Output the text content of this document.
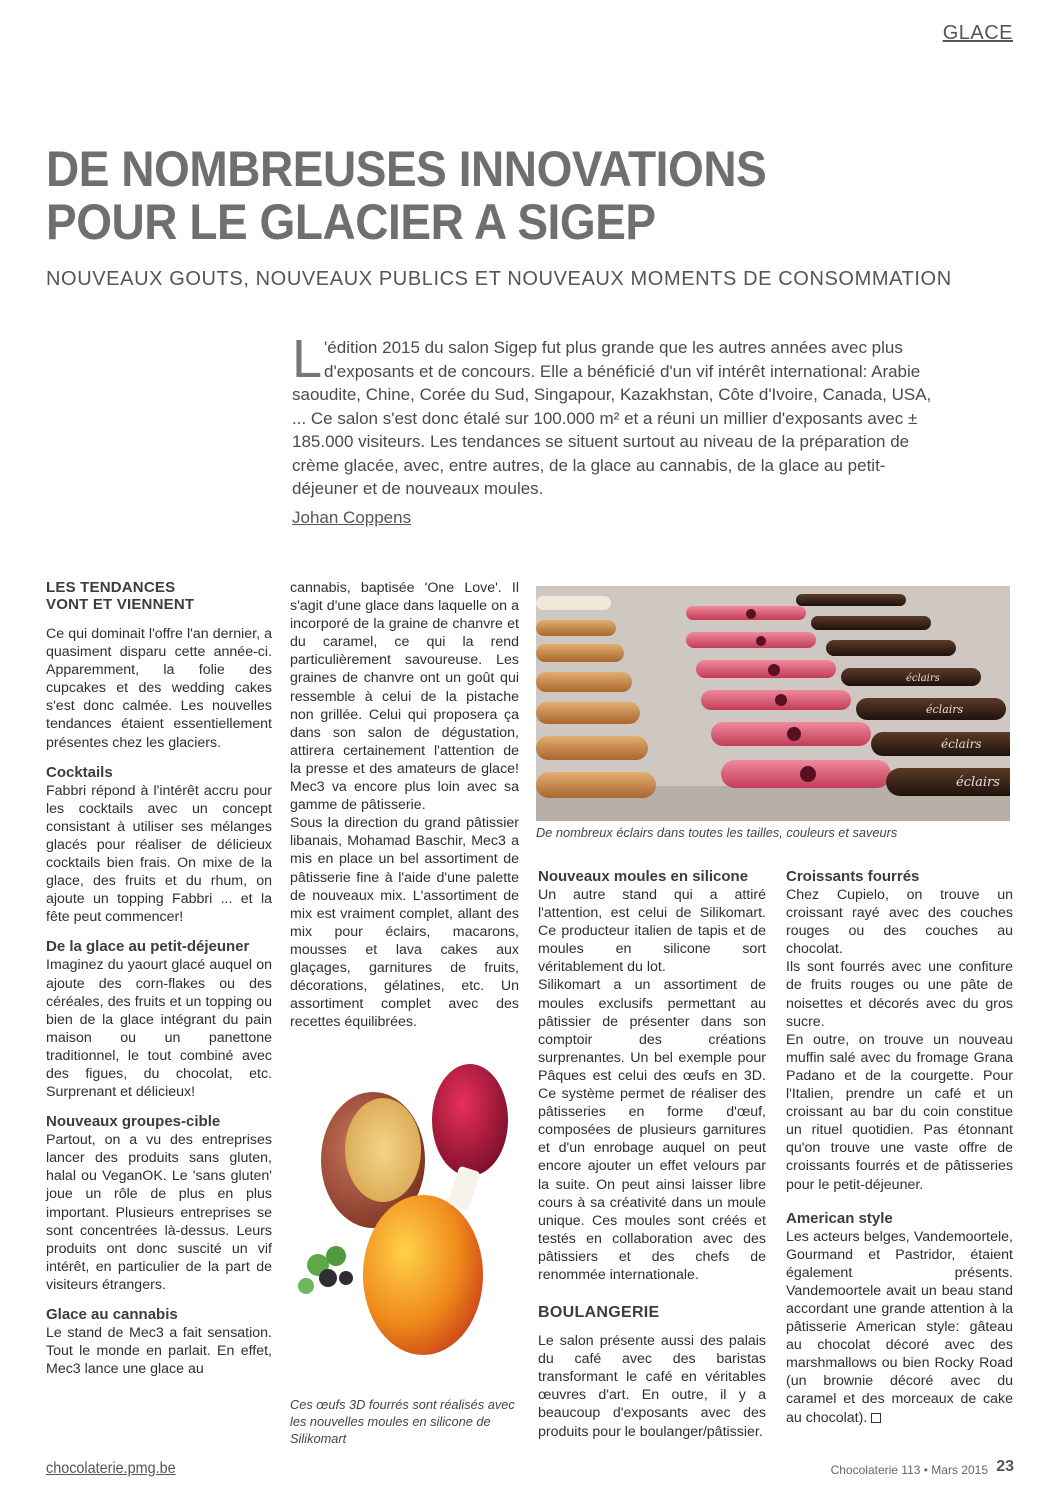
GLACE
DE NOMBREUSES INNOVATIONS
POUR LE GLACIER A SIGEP
NOUVEAUX GOUTS, NOUVEAUX PUBLICS ET NOUVEAUX MOMENTS DE CONSOMMATION

L 'édition 2015 du salon Sigep fut plus grande que les autres années avec plus d'exposants et de concours. Elle a bénéficié d'un vif intérêt international: Arabie saoudite, Chine, Corée du Sud, Singapour, Kazakhstan, Côte d'Ivoire, Canada, USA, ... Ce salon s'est donc étalé sur 100.000 m² et a réuni un millier d'exposants avec ± 185.000 visiteurs. Les tendances se situent surtout au niveau de la préparation de crème glacée, avec, entre autres, de la glace au cannabis, de la glace au petit-déjeuner et de nouveaux moules.

Johan Coppens
LES TENDANCES
VONT ET VIENNENT

Ce qui dominait l'offre l'an dernier, a quasiment disparu cette année-ci. Apparemment, la folie des cupcakes et des wedding cakes s'est donc calmée. Les nouvelles tendances étaient essentiellement présentes chez les glaciers.

Cocktails

Fabbri répond à l'intérêt accru pour les cocktails avec un concept consistant à utiliser ses mélanges glacés pour réaliser de délicieux cocktails bien frais. On mixe de la glace, des fruits et du rhum, on ajoute un topping Fabbri ... et la fête peut commencer!

De la glace au petit-déjeuner

Imaginez du yaourt glacé auquel on ajoute des corn-flakes ou des céréales, des fruits et un topping ou bien de la glace intégrant du pain maison ou un panettone traditionnel, le tout combiné avec des figues, du chocolat, etc. Surprenant et délicieux!

Nouveaux groupes-cible

Partout, on a vu des entreprises lancer des produits sans gluten, halal ou VeganOK. Le 'sans gluten' joue un rôle de plus en plus important. Plusieurs entreprises se sont concentrées là-dessus. Leurs produits ont donc suscité un vif intérêt, en particulier de la part de visiteurs étrangers.

Glace au cannabis

Le stand de Mec3 a fait sensation. Tout le monde en parlait. En effet, Mec3 lance une glace au

cannabis, baptisée 'One Love'. Il s'agit d'une glace dans laquelle on a incorporé de la graine de chanvre et du caramel, ce qui la rend particulièrement savoureuse. Les graines de chanvre ont un goût qui ressemble à celui de la pistache non grillée. Celui qui proposera ça dans son salon de dégustation, attirera certainement l'attention de la presse et des amateurs de glace! Mec3 va encore plus loin avec sa gamme de pâtisserie.

Sous la direction du grand pâtissier libanais, Mohamad Baschir, Mec3 a mis en place un bel assortiment de pâtisserie fine à l'aide d'une palette de nouveaux mix. L'assortiment de mix est vraiment complet, allant des mix pour éclairs, macarons, mousses et lava cakes aux glaçages, garnitures de fruits, décorations, gélatines, etc. Un assortiment complet avec des recettes équilibrées.

éclairs
éclairs
éclairs
éclairs
De nombreux éclairs dans toutes les tailles, couleurs et saveurs
Ces œufs 3D fourrés sont réalisés avec les nouvelles moules en silicone de Silikomart
Nouveaux moules en silicone

Un autre stand qui a attiré l'attention, est celui de Silikomart. Ce producteur italien de tapis et de moules en silicone sort véritablement du lot.

Silikomart a un assortiment de moules exclusifs permettant au pâtissier de présenter dans son comptoir des créations surprenantes. Un bel exemple pour Pâques est celui des œufs en 3D. Ce système permet de réaliser des pâtisseries en forme d'œuf, composées de plusieurs garnitures et d'un enrobage auquel on peut encore ajouter un effet velours par la suite. On peut ainsi laisser libre cours à sa créativité dans un moule unique. Ces moules sont créés et testés en collaboration avec des pâtissiers et des chefs de renommée internationale.

BOULANGERIE

Le salon présente aussi des palais du café avec des baristas transformant le café en véritables œuvres d'art. En outre, il y a beaucoup d'exposants avec des produits pour le boulanger/pâtissier.

Croissants fourrés

Chez Cupielo, on trouve un croissant rayé avec des couches rouges ou des couches au chocolat.

Ils sont fourrés avec une confiture de fruits rouges ou une pâte de noisettes et décorés avec du gros sucre.

En outre, on trouve un nouveau muffin salé avec du fromage Grana Padano et de la courgette. Pour l'Italien, prendre un café et un croissant au bar du coin constitue un rituel quotidien. Pas étonnant qu'on trouve une vaste offre de croissants fourrés et de pâtisseries pour le petit-déjeuner.

American style

Les acteurs belges, Vandemoortele, Gourmand et Pastridor, étaient également présents. Vandemoortele avait un beau stand accordant une grande attention à la pâtisserie American style: gâteau au chocolat décoré avec des marshmallows ou bien Rocky Road (un brownie décoré avec du caramel et des morceaux de cake au chocolat).

chocolaterie.pmg.be	Chocolaterie 113 • Mars 2015 23
